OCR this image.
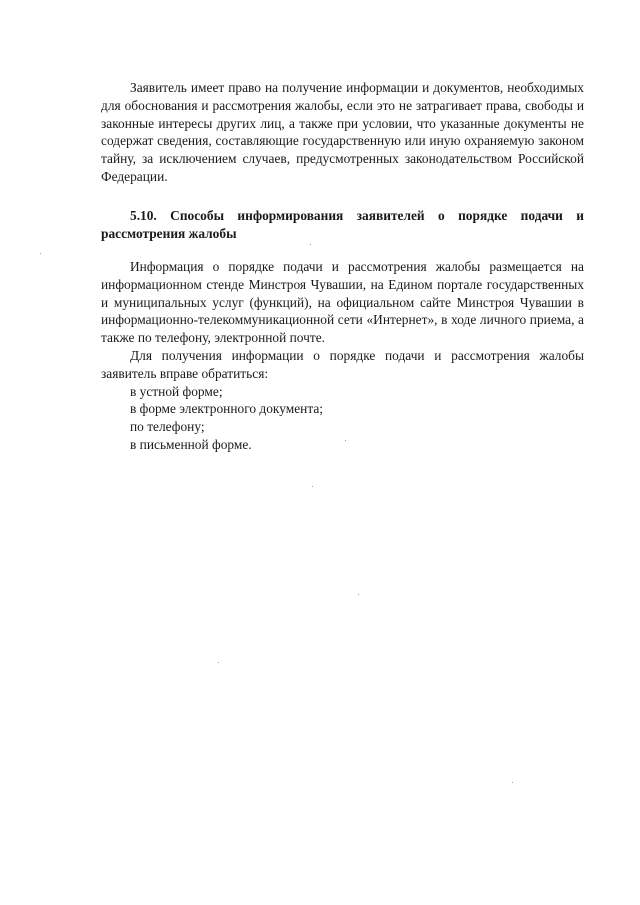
Заявитель имеет право на получение информации и документов, необходимых для обоснования и рассмотрения жалобы, если это не затрагивает права, свободы и законные интересы других лиц, а также при условии, что указанные документы не содержат сведения, составляющие государственную или иную охраняемую законом тайну, за исключением случаев, предусмотренных законодательством Российской Федерации.

5.10. Способы информирования заявителей о порядке подачи и рассмотрения жалобы

Информация о порядке подачи и рассмотрения жалобы размещается на информационном стенде Минстроя Чувашии, на Едином портале государственных и муниципальных услуг (функций), на официальном сайте Минстроя Чувашии в информационно-телекоммуникационной сети «Интернет», в ходе личного приема, а также по телефону, электронной почте.

Для получения информации о порядке подачи и рассмотрения жалобы заявитель вправе обратиться:

в устной форме;

в форме электронного документа;

по телефону;

в письменной форме.
